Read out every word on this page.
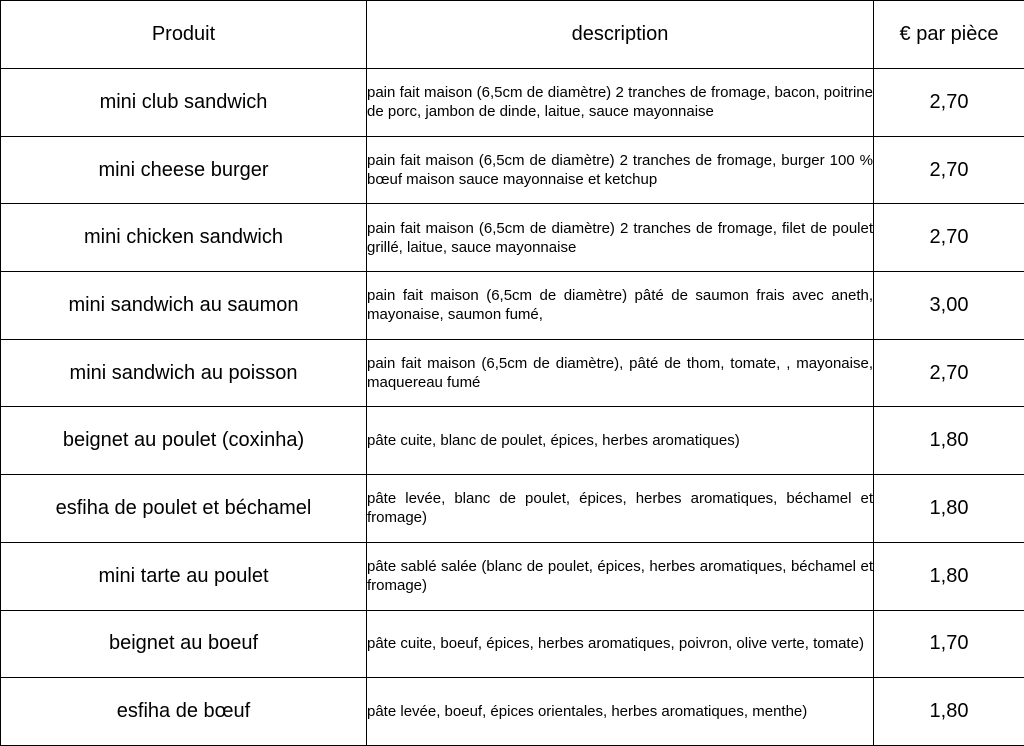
Produit	description	€ par pièce
mini club sandwich	pain fait maison (6,5cm de diamètre) 2 tranches de fromage, bacon, poitrine de porc, jambon de dinde, laitue, sauce mayonnaise	2,70
mini cheese burger	pain fait maison (6,5cm de diamètre) 2 tranches de fromage, burger 100 % bœuf maison sauce mayonnaise et ketchup	2,70
mini chicken sandwich	pain fait maison (6,5cm de diamètre) 2 tranches de fromage, filet de poulet grillé, laitue, sauce mayonnaise	2,70
mini sandwich au saumon	pain fait maison (6,5cm de diamètre) pâté de saumon frais avec aneth, mayonaise, saumon fumé,	3,00
mini sandwich au poisson	pain fait maison (6,5cm de diamètre), pâté de thom, tomate, , mayonaise, maquereau fumé	2,70
beignet au poulet (coxinha)	pâte cuite, blanc de poulet, épices, herbes aromatiques)	1,80
esfiha de poulet et béchamel	pâte levée, blanc de poulet, épices, herbes aromatiques, béchamel et fromage)	1,80
mini tarte au poulet	pâte sablé salée (blanc de poulet, épices, herbes aromatiques, béchamel et fromage)	1,80
beignet au boeuf	pâte cuite, boeuf, épices, herbes aromatiques, poivron, olive verte, tomate)	1,70
esfiha de bœuf	pâte levée, boeuf, épices orientales, herbes aromatiques, menthe)	1,80
